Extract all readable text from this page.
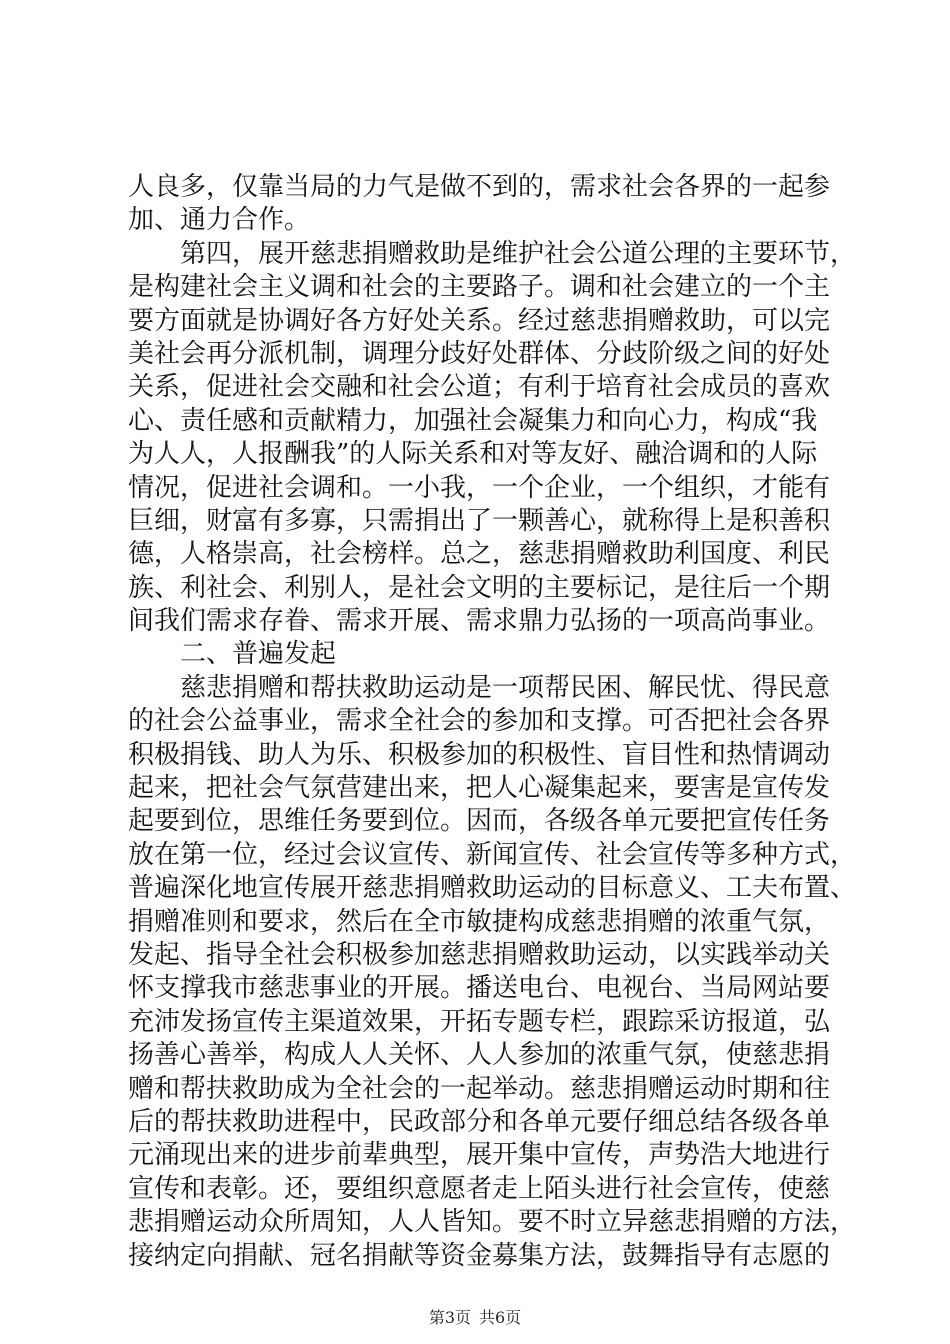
人良多，仅靠当局的力气是做不到的，需求社会各界的一起参
加、通力合作。
　　第四，展开慈悲捐赠救助是维护社会公道公理的主要环节，
是构建社会主义调和社会的主要路子。调和社会建立的一个主
要方面就是协调好各方好处关系。经过慈悲捐赠救助，可以完
美社会再分派机制，调理分歧好处群体、分歧阶级之间的好处
关系，促进社会交融和社会公道；有利于培育社会成员的喜欢
心、责任感和贡献精力，加强社会凝集力和向心力，构成“我
为人人，人报酬我”的人际关系和对等友好、融洽调和的人际
情况，促进社会调和。一小我，一个企业，一个组织，才能有
巨细，财富有多寡，只需捐出了一颗善心，就称得上是积善积
德，人格崇高，社会榜样。总之，慈悲捐赠救助利国度、利民
族、利社会、利别人，是社会文明的主要标记，是往后一个期
间我们需求存眷、需求开展、需求鼎力弘扬的一项高尚事业。
　　二、普遍发起
　　慈悲捐赠和帮扶救助运动是一项帮民困、解民忧、得民意
的社会公益事业，需求全社会的参加和支撑。可否把社会各界
积极捐钱、助人为乐、积极参加的积极性、盲目性和热情调动
起来，把社会气氛营建出来，把人心凝集起来，要害是宣传发
起要到位，思维任务要到位。因而，各级各单元要把宣传任务
放在第一位，经过会议宣传、新闻宣传、社会宣传等多种方式，
普遍深化地宣传展开慈悲捐赠救助运动的目标意义、工夫布置、
捐赠准则和要求，然后在全市敏捷构成慈悲捐赠的浓重气氛，
发起、指导全社会积极参加慈悲捐赠救助运动，以实践举动关
怀支撑我市慈悲事业的开展。播送电台、电视台、当局网站要
充沛发扬宣传主渠道效果，开拓专题专栏，跟踪采访报道，弘
扬善心善举，构成人人关怀、人人参加的浓重气氛，使慈悲捐
赠和帮扶救助成为全社会的一起举动。慈悲捐赠运动时期和往
后的帮扶救助进程中，民政部分和各单元要仔细总结各级各单
元涌现出来的进步前辈典型，展开集中宣传，声势浩大地进行
宣传和表彰。还，要组织意愿者走上陌头进行社会宣传，使慈
悲捐赠运动众所周知，人人皆知。要不时立异慈悲捐赠的方法，
接纳定向捐献、冠名捐献等资金募集方法，鼓舞指导有志愿的
第3页 共6页
